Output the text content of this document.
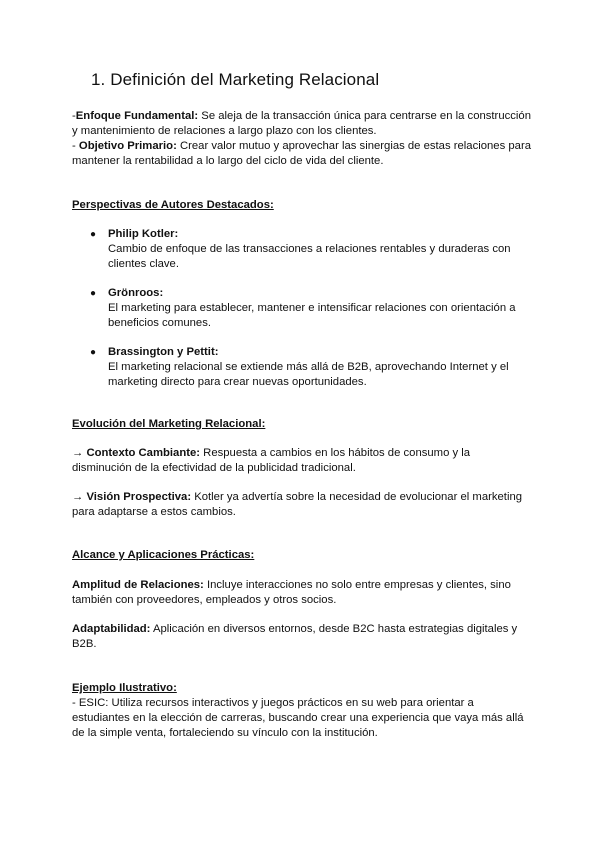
1. Definición del Marketing Relacional

-Enfoque Fundamental: Se aleja de la transacción única para centrarse en la construcción y mantenimiento de relaciones a largo plazo con los clientes.

- Objetivo Primario: Crear valor mutuo y aprovechar las sinergias de estas relaciones para mantener la rentabilidad a lo largo del ciclo de vida del cliente.

Perspectivas de Autores Destacados:

● Philip Kotler:
Cambio de enfoque de las transacciones a relaciones rentables y duraderas con clientes clave.
● Grönroos:
El marketing para establecer, mantener e intensificar relaciones con orientación a beneficios comunes.
● Brassington y Pettit:
El marketing relacional se extiende más allá de B2B, aprovechando Internet y el marketing directo para crear nuevas oportunidades.

Evolución del Marketing Relacional:

→ Contexto Cambiante: Respuesta a cambios en los hábitos de consumo y la disminución de la efectividad de la publicidad tradicional.

→ Visión Prospectiva: Kotler ya advertía sobre la necesidad de evolucionar el marketing para adaptarse a estos cambios.

Alcance y Aplicaciones Prácticas:

Amplitud de Relaciones: Incluye interacciones no solo entre empresas y clientes, sino también con proveedores, empleados y otros socios.

Adaptabilidad: Aplicación en diversos entornos, desde B2C hasta estrategias digitales y B2B.

Ejemplo Ilustrativo:

- ESIC: Utiliza recursos interactivos y juegos prácticos en su web para orientar a estudiantes en la elección de carreras, buscando crear una experiencia que vaya más allá de la simple venta, fortaleciendo su vínculo con la institución.
